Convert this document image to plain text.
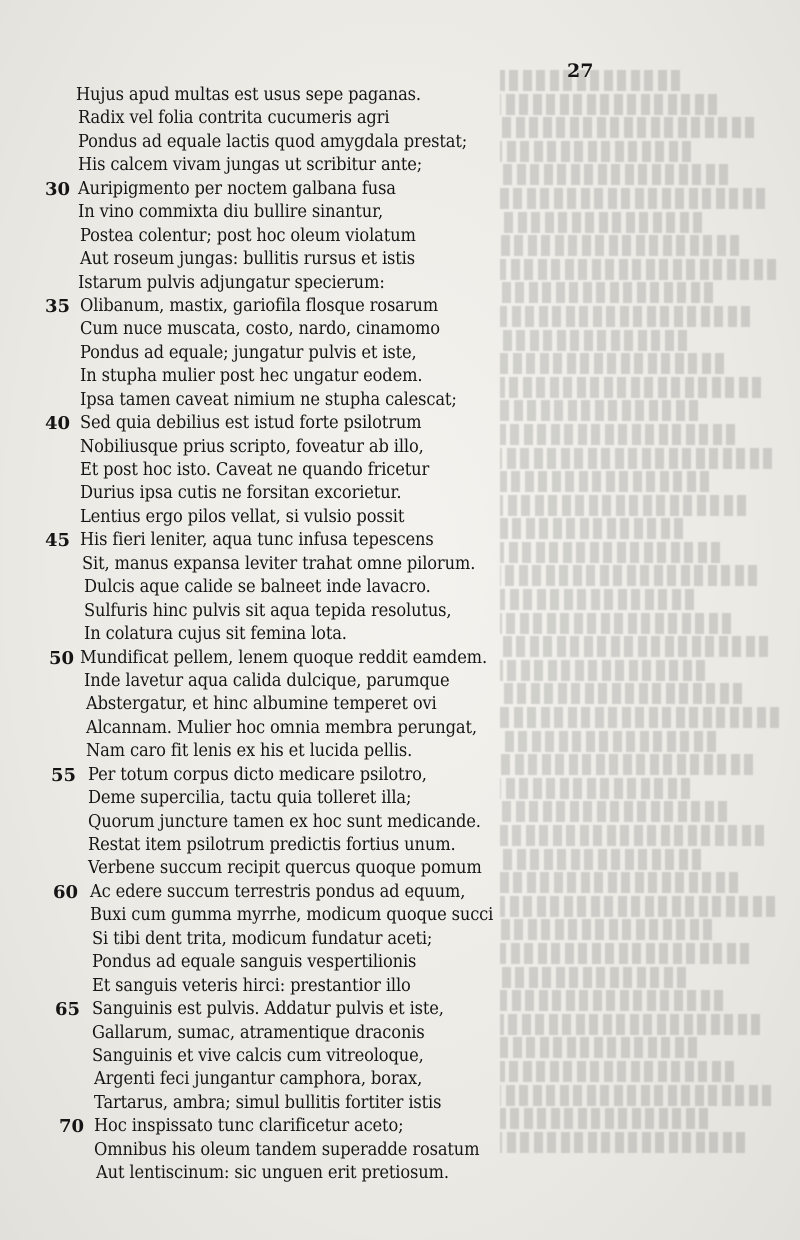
27
Hujus apud multas est usus sepe paganas.
Radix vel folia contrita cucumeris agri
Pondus ad equale lactis quod amygdala prestat;
His calcem vivam jungas ut scribitur ante;
30 Auripigmento per noctem galbana fusa
In vino commixta diu bullire sinantur,
Postea colentur; post hoc oleum violatum
Aut roseum jungas: bullitis rursus et istis
Istarum pulvis adjungatur specierum:
35 Olibanum, mastix, gariofila flosque rosarum
Cum nuce muscata, costo, nardo, cinamomo
Pondus ad equale; jungatur pulvis et iste,
In stupha mulier post hec ungatur eodem.
Ipsa tamen caveat nimium ne stupha calescat;
40 Sed quia debilius est istud forte psilotrum
Nobiliusque prius scripto, foveatur ab illo,
Et post hoc isto. Caveat ne quando fricetur
Durius ipsa cutis ne forsitan excorietur.
Lentius ergo pilos vellat, si vulsio possit
45 His fieri leniter, aqua tunc infusa tepescens
Sit, manus expansa leviter trahat omne pilorum.
Dulcis aque calide se balneet inde lavacro.
Sulfuris hinc pulvis sit aqua tepida resolutus,
In colatura cujus sit femina lota.
50 Mundificat pellem, lenem quoque reddit eamdem.
Inde lavetur aqua calida dulcique, parumque
Abstergatur, et hinc albumine temperet ovi
Alcannam. Mulier hoc omnia membra perungat,
Nam caro fit lenis ex his et lucida pellis.
55 Per totum corpus dicto medicare psilotro,
Deme supercilia, tactu quia tolleret illa;
Quorum juncture tamen ex hoc sunt medicande.
Restat item psilotrum predictis fortius unum.
Verbene succum recipit quercus quoque pomum
60 Ac edere succum terrestris pondus ad equum,
Buxi cum gumma myrrhe, modicum quoque succi
Si tibi dent trita, modicum fundatur aceti;
Pondus ad equale sanguis vespertilionis
Et sanguis veteris hirci: prestantior illo
65 Sanguinis est pulvis. Addatur pulvis et iste,
Gallarum, sumac, atramentique draconis
Sanguinis et vive calcis cum vitreoloque,
Argenti feci jungantur camphora, borax,
Tartarus, ambra; simul bullitis fortiter istis
70 Hoc inspissato tunc clarificetur aceto;
Omnibus his oleum tandem superadde rosatum
Aut lentiscinum: sic unguen erit pretiosum.
